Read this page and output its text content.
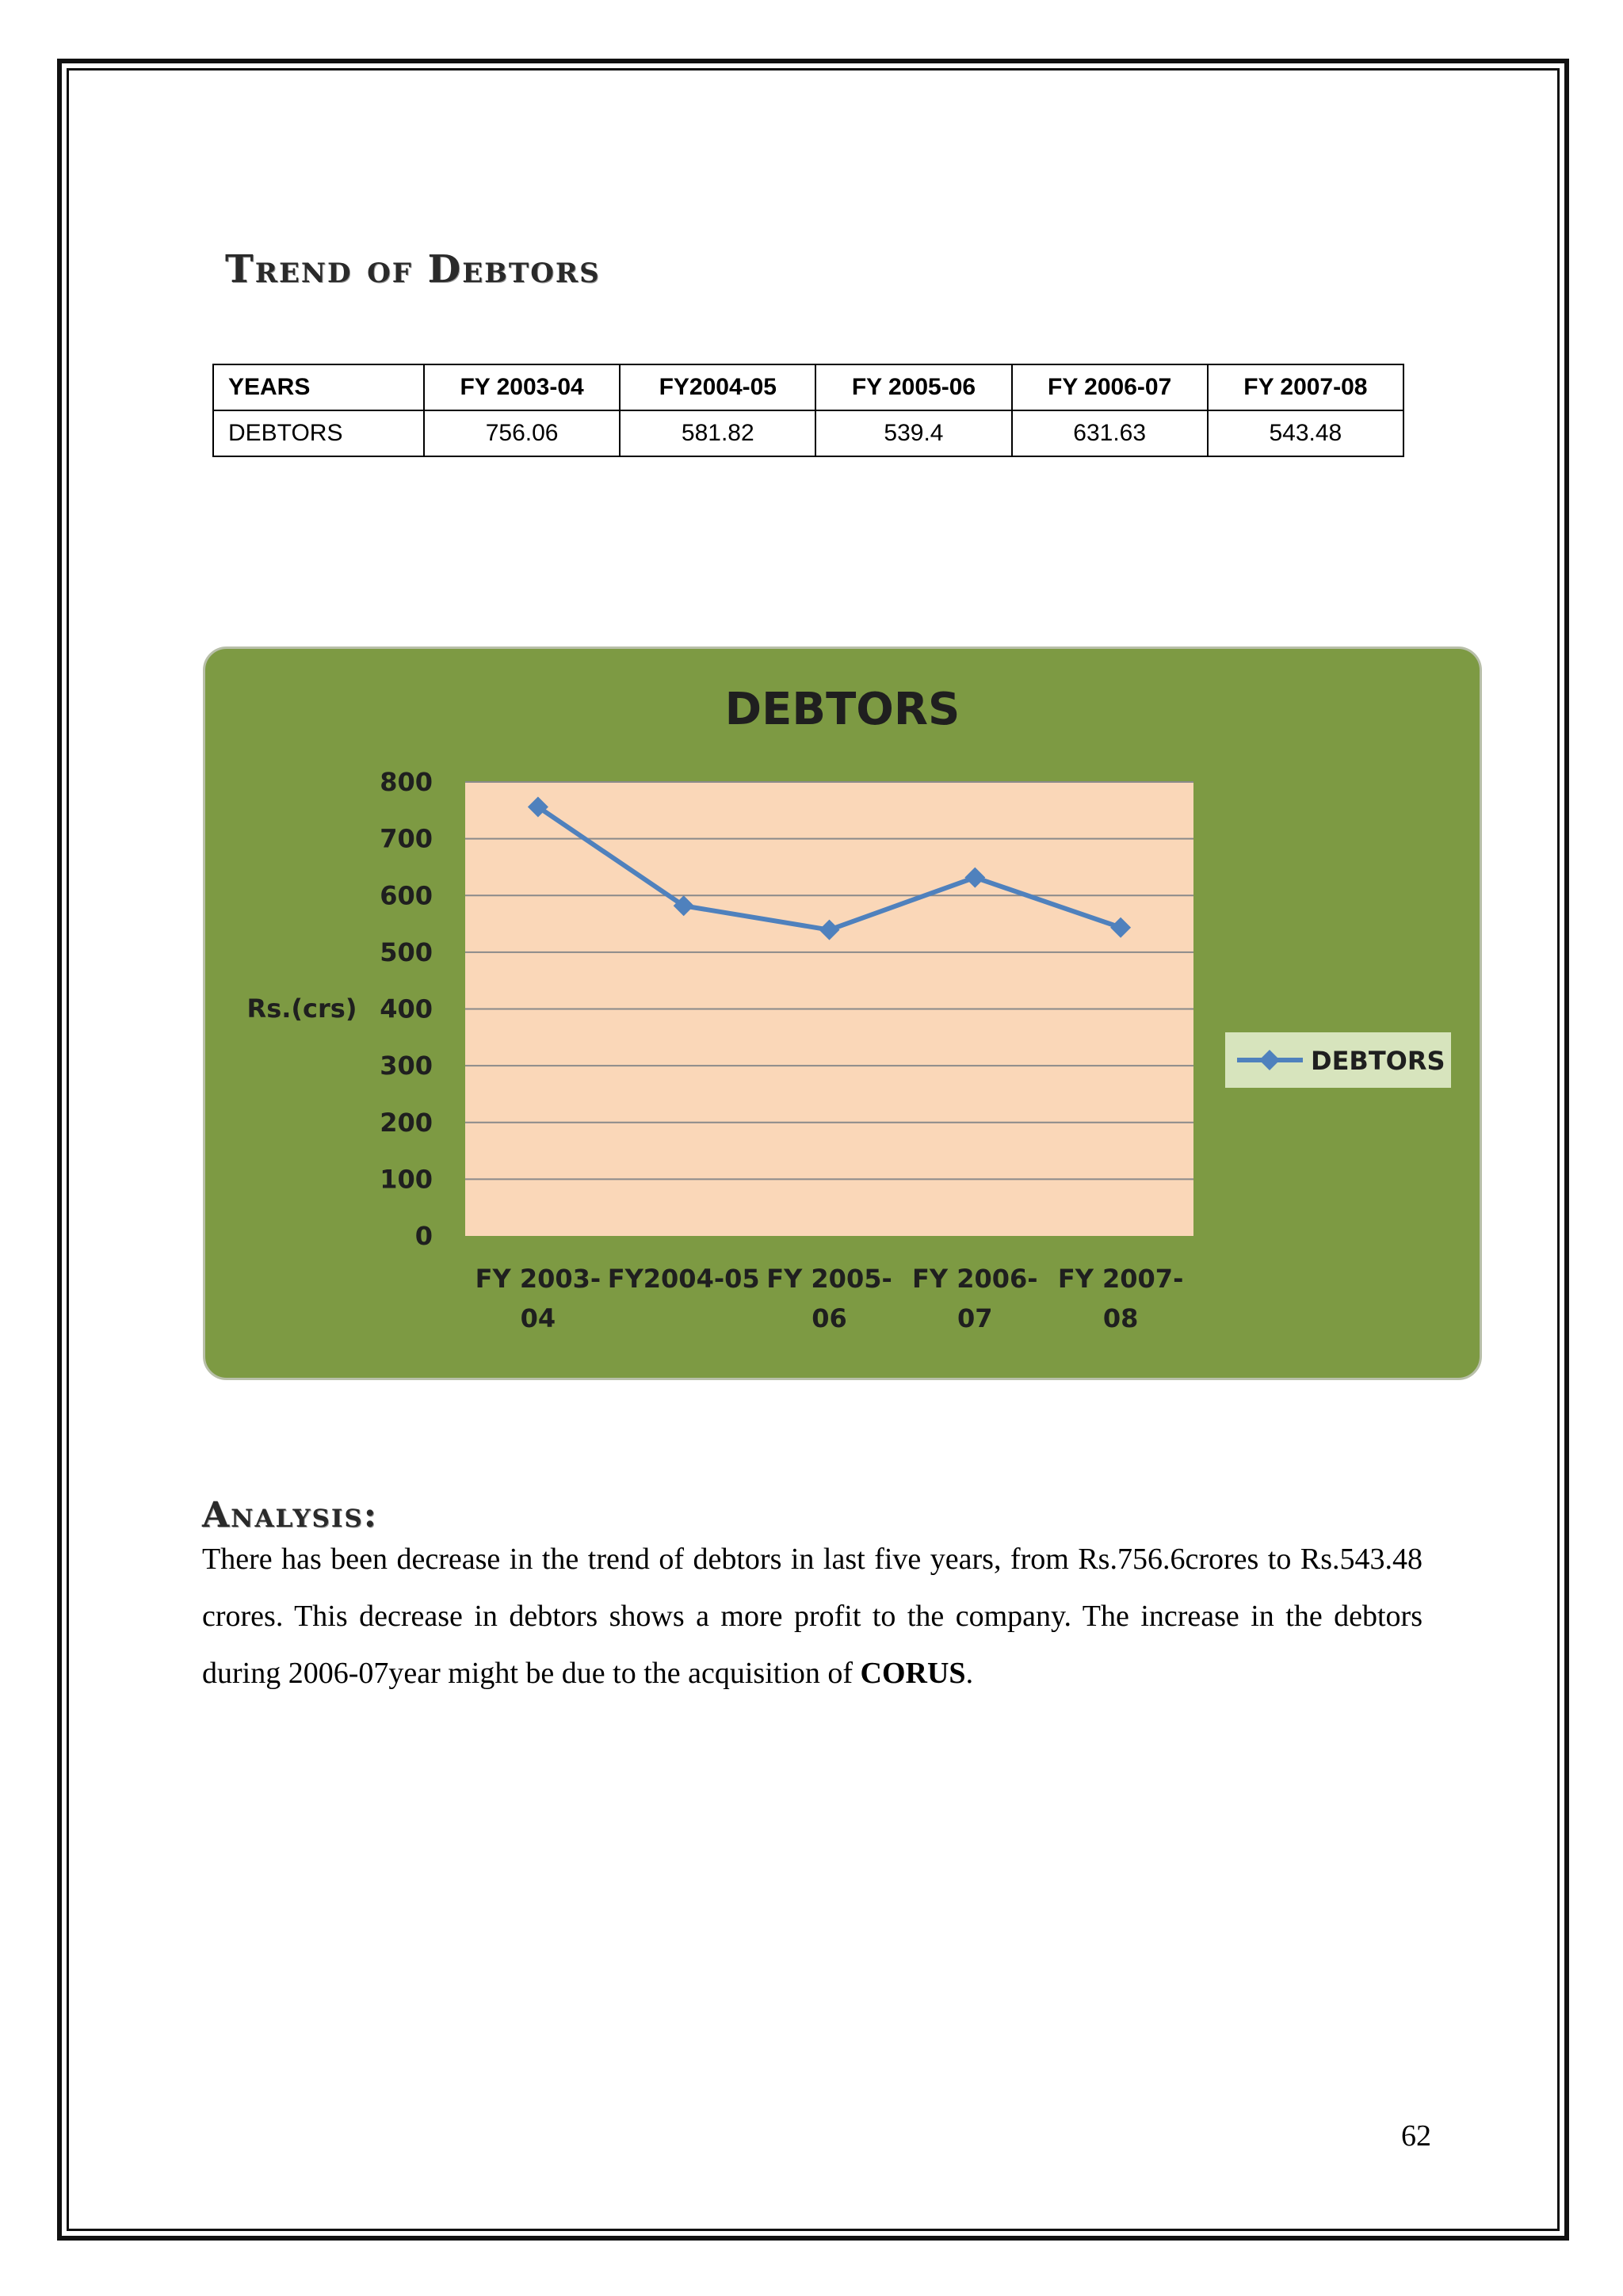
Trend of Debtors
YEARS	FY 2003-04	FY2004-05	FY 2005-06	FY 2006-07	FY 2007-08
DEBTORS	756.06	581.82	539.4	631.63	543.48
DEBTORS
0
100
200
300
400
500
600
700
800
Rs.(crs)
FY 2003-
04
FY2004-05 FY 2005-
06
FY 2006-
07
FY 2007-
08
DEBTORS
Analysis:

There has been decrease in the trend of debtors in last five years, from Rs.756.6crores to Rs.543.48 crores. This decrease in debtors shows a more profit to the company. The increase in the debtors during 2006-07year might be due to the acquisition of CORUS.

62
